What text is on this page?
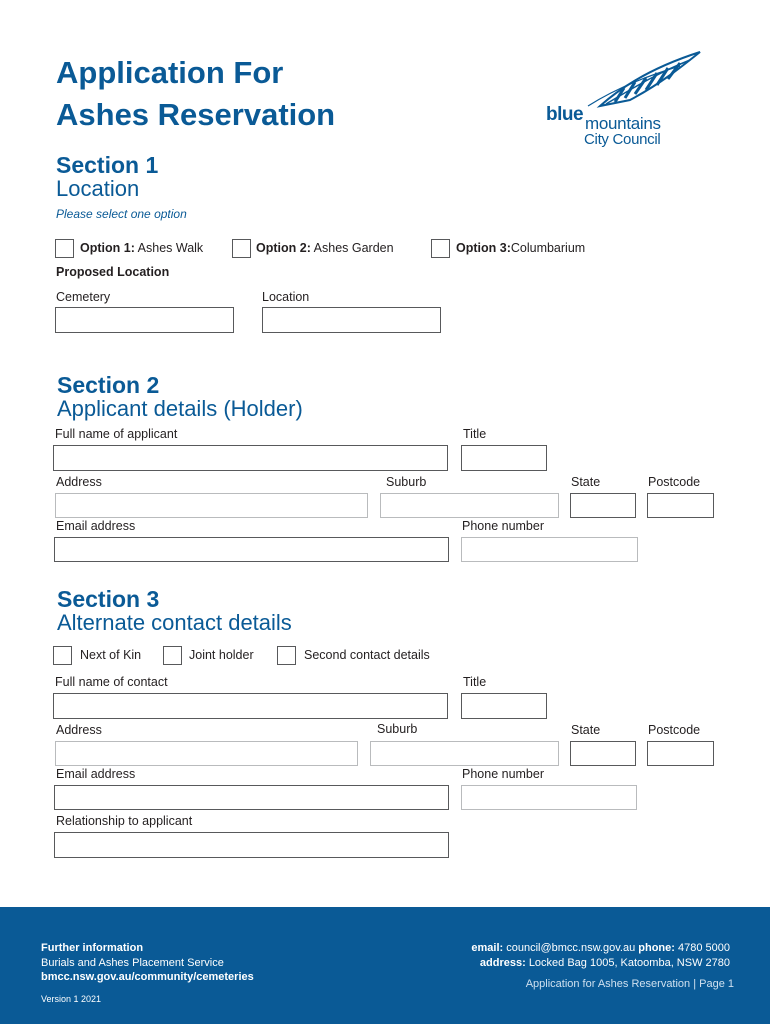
Application For
Ashes Reservation	blue mountains
City Council
Section 1
Location
Please select one option
Option 1: Ashes Walk	Option 2: Ashes Garden	Option 3:Columbarium
Proposed Location
Cemetery	Location
Section 2
Applicant details (Holder)
Full name of applicant	Title
Address	Suburb	State	Postcode
Email address	Phone number
Section 3
Alternate contact details
Next of Kin	Joint holder	Second contact details
Full name of contact	Title
Address	Suburb	State	Postcode
Email address	Phone number
Relationship to applicant
Further information
Burials and Ashes Placement Service
bmcc.nsw.gov.au/community/cemeteries
Version 1 2021
email: council@bmcc.nsw.gov.au phone: 4780 5000
address: Locked Bag 1005, Katoomba, NSW 2780
Application for Ashes Reservation | Page 1
